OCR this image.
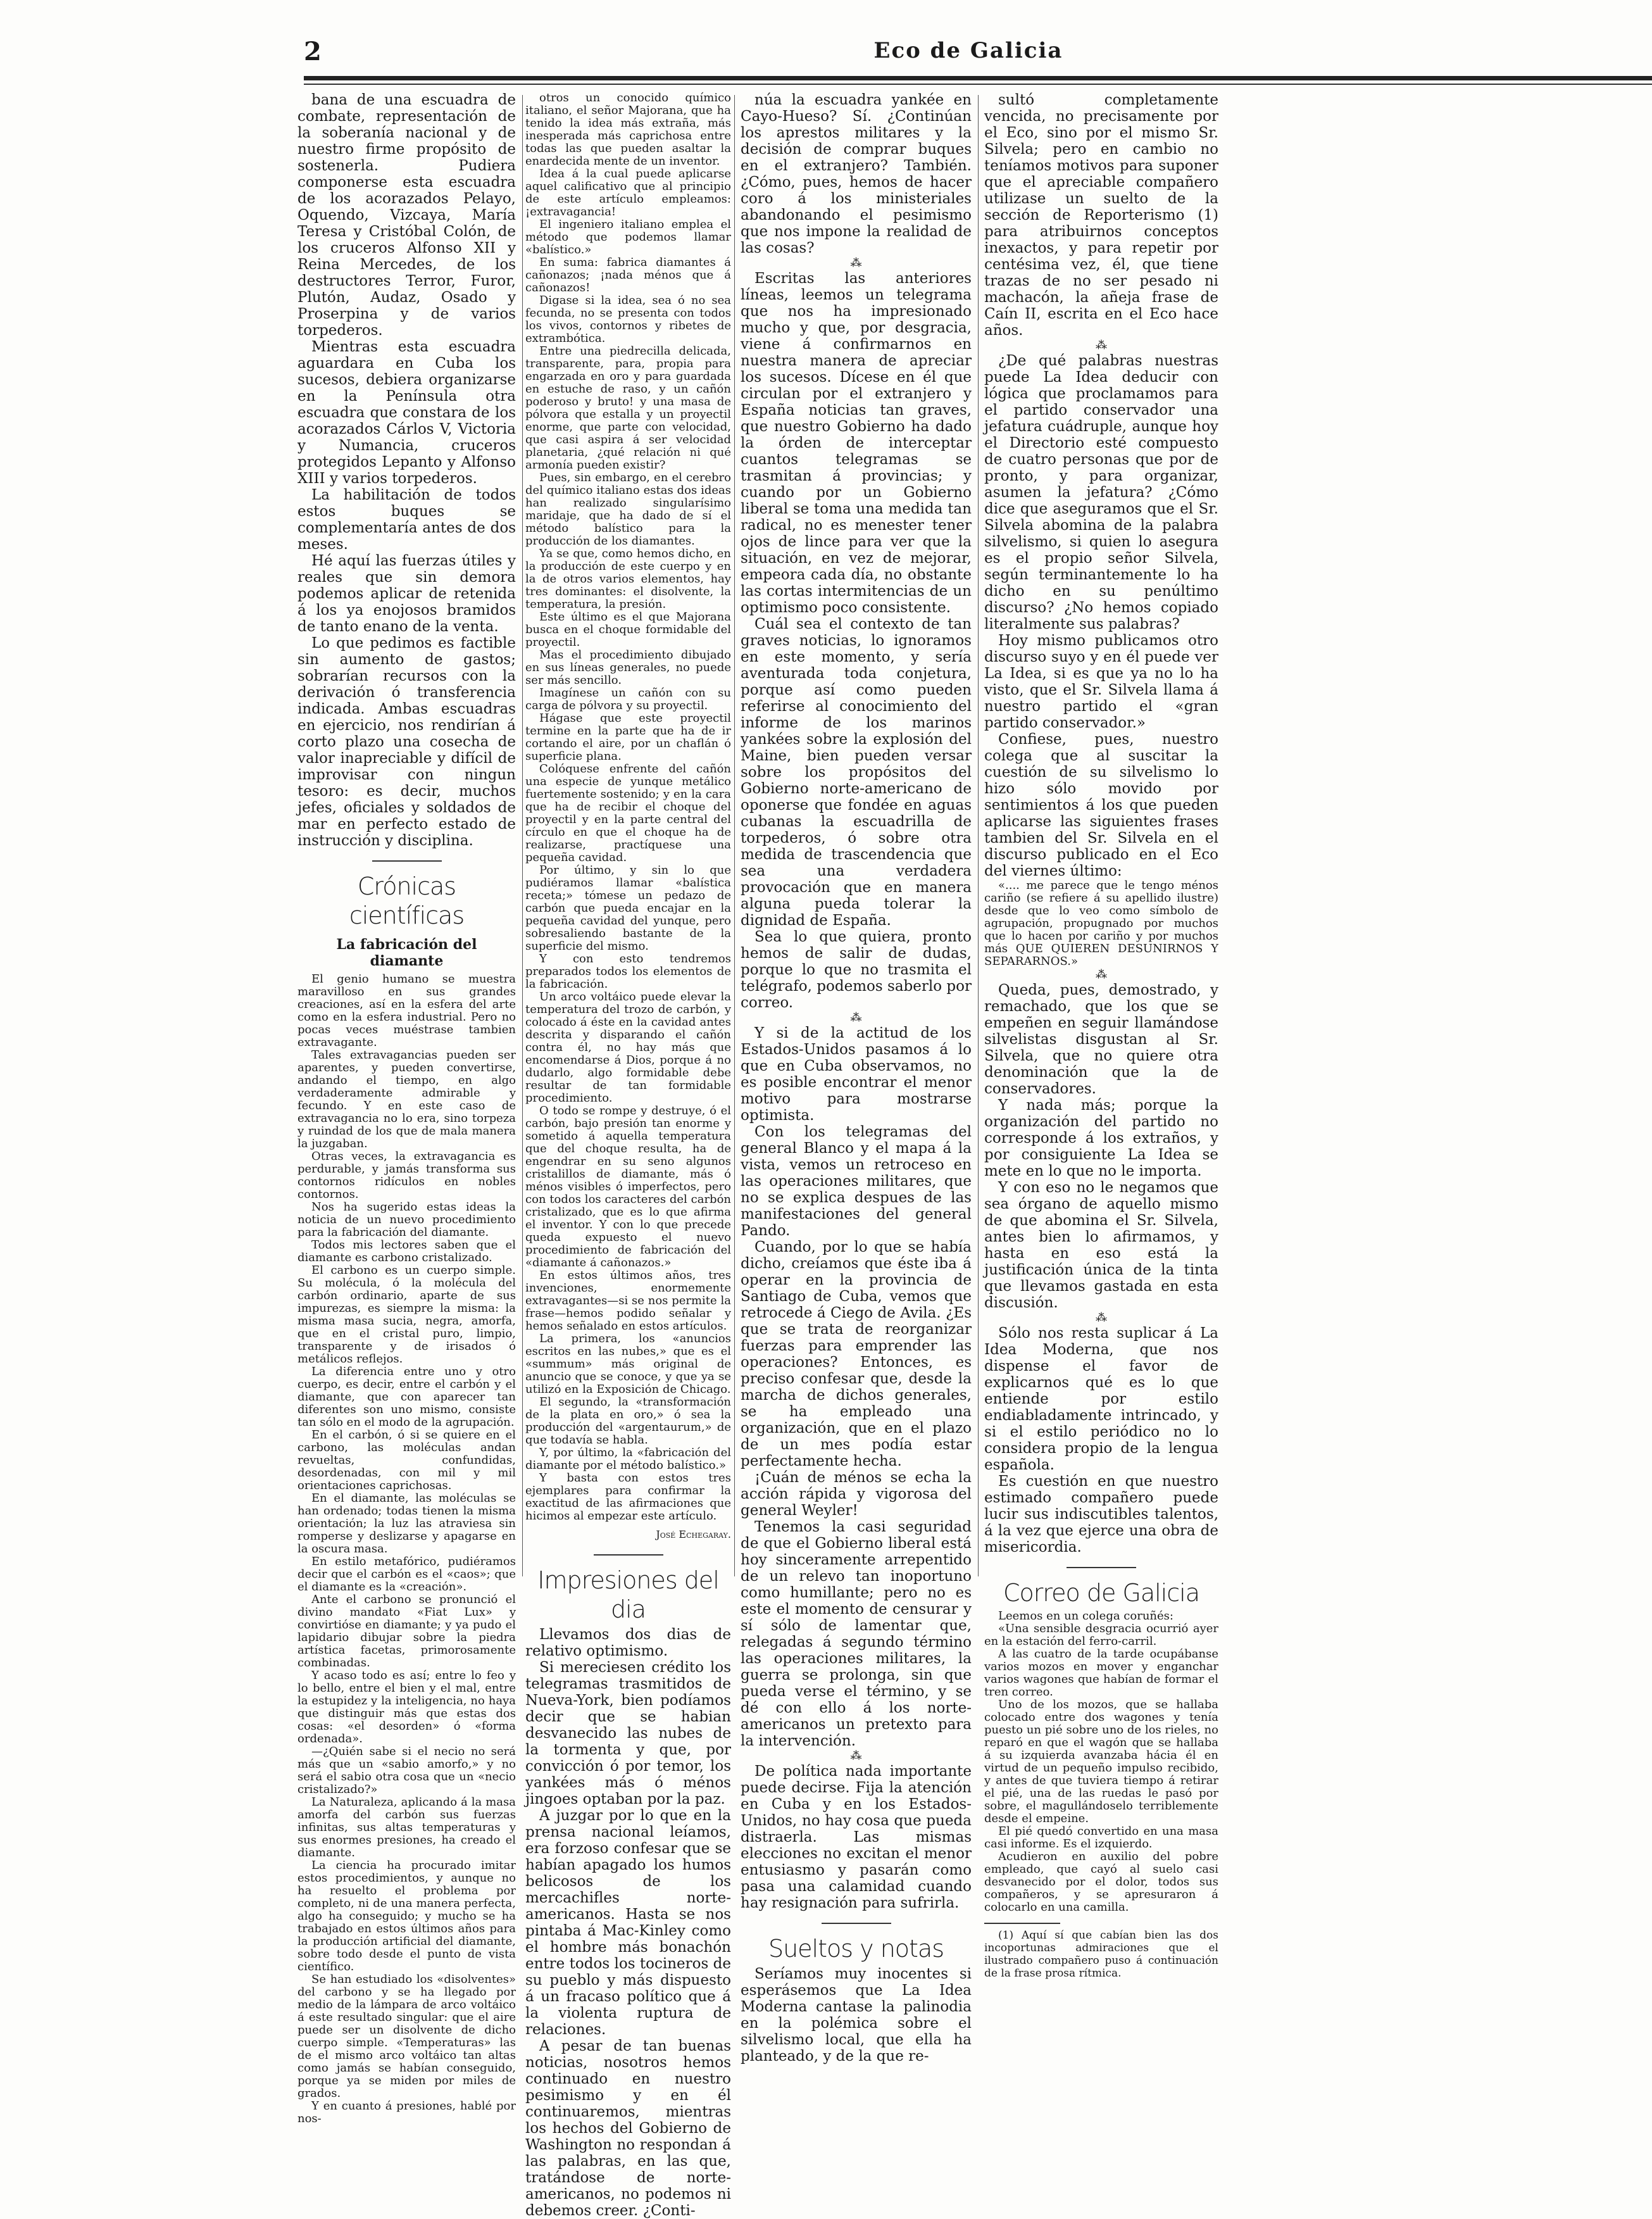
2	Eco de Galicia

bana de una escuadra de combate, representación de la soberanía nacional y de nuestro firme propósito de sostenerla. Pudiera componerse esta escuadra de los acorazados Pelayo, Oquendo, Vizcaya, María Teresa y Cristóbal Colón, de los cruceros Alfonso XII y Reina Mercedes, de los destructores Terror, Furor, Plutón, Audaz, Osado y Proserpina y de varios torpederos.

Mientras esta escuadra aguardara en Cuba los sucesos, debiera organizarse en la Península otra escuadra que constara de los acorazados Cárlos V, Victoria y Numancia, cruceros protegidos Lepanto y Alfonso XIII y varios torpederos.

La habilitación de todos estos buques se complementaría antes de dos meses.

Hé aquí las fuerzas útiles y reales que sin demora podemos aplicar de retenida á los ya enojosos bramidos de tanto enano de la venta.

Lo que pedimos es factible sin aumento de gastos; sobrarían recursos con la derivación ó transferencia indicada. Ambas escuadras en ejercicio, nos rendirían á corto plazo una cosecha de valor inapreciable y difícil de improvisar con ningun tesoro: es decir, muchos jefes, oficiales y soldados de mar en perfecto estado de instrucción y disciplina.

Crónicas científicas
La fabricación del diamante

El genio humano se muestra maravilloso en sus grandes creaciones, así en la esfera del arte como en la esfera industrial. Pero no pocas veces muéstrase tambien extravagante.

Tales extravagancias pueden ser aparentes, y pueden convertirse, andando el tiempo, en algo verdaderamente admirable y fecundo. Y en este caso de extravagancia no lo era, sino torpeza y ruindad de los que de mala manera la juzgaban.

Otras veces, la extravagancia es perdurable, y jamás transforma sus contornos ridículos en nobles contornos.

Nos ha sugerido estas ideas la noticia de un nuevo procedimiento para la fabricación del diamante.

Todos mis lectores saben que el diamante es carbono cristalizado.

El carbono es un cuerpo simple. Su molécula, ó la molécula del carbón ordinario, aparte de sus impurezas, es siempre la misma: la misma masa sucia, negra, amorfa, que en el cristal puro, limpio, transparente y de irisados ó metálicos reflejos.

La diferencia entre uno y otro cuerpo, es decir, entre el carbón y el diamante, que con aparecer tan diferentes son uno mismo, consiste tan sólo en el modo de la agrupación.

En el carbón, ó si se quiere en el carbono, las moléculas andan revueltas, confundidas, desordenadas, con mil y mil orientaciones caprichosas.

En el diamante, las moléculas se han ordenado; todas tienen la misma orientación; la luz las atraviesa sin romperse y deslizarse y apagarse en la oscura masa.

En estilo metafórico, pudiéramos decir que el carbón es el «caos»; que el diamante es la «creación».

Ante el carbono se pronunció el divino mandato «Fiat Lux» y convirtióse en diamante; y ya pudo el lapidario dibujar sobre la piedra artística facetas, primorosamente combinadas.

Y acaso todo es así; entre lo feo y lo bello, entre el bien y el mal, entre la estupidez y la inteligencia, no haya que distinguir más que estas dos cosas: «el desorden» ó «forma ordenada».

—¿Quién sabe si el necio no será más que un «sabio amorfo,» y no será el sabio otra cosa que un «necio cristalizado?»

La Naturaleza, aplicando á la masa amorfa del carbón sus fuerzas infinitas, sus altas temperaturas y sus enormes presiones, ha creado el diamante.

La ciencia ha procurado imitar estos procedimientos, y aunque no ha resuelto el problema por completo, ni de una manera perfecta, algo ha conseguido; y mucho se ha trabajado en estos últimos años para la producción artificial del diamante, sobre todo desde el punto de vista científico.

Se han estudiado los «disolventes» del carbono y se ha llegado por medio de la lámpara de arco voltáico á este resultado singular: que el aire puede ser un disolvente de dicho cuerpo simple. «Temperaturas» las de el mismo arco voltáico tan altas como jamás se habían conseguido, porque ya se miden por miles de grados.

Y en cuanto á presiones, hablé por nos-

otros un conocido químico italiano, el señor Majorana, que ha tenido la idea más extraña, más inesperada más caprichosa entre todas las que pueden asaltar la enardecida mente de un inventor.

Idea á la cual puede aplicarse aquel calificativo que al principio de este artículo empleamos: ¡extravagancia!

El ingeniero italiano emplea el método que podemos llamar «balístico.»

En suma: fabrica diamantes á cañonazos; ¡nada ménos que á cañonazos!

Digase si la idea, sea ó no sea fecunda, no se presenta con todos los vivos, contornos y ribetes de extrambótica.

Entre una piedrecilla delicada, transparente, para, propia para engarzada en oro y para guardada en estuche de raso, y un cañón poderoso y bruto! y una masa de pólvora que estalla y un proyectil enorme, que parte con velocidad, que casi aspira á ser velocidad planetaria, ¿qué relación ni qué armonía pueden existir?

Pues, sin embargo, en el cerebro del químico italiano estas dos ideas han realizado singularísimo maridaje, que ha dado de sí el método balístico para la producción de los diamantes.

Ya se que, como hemos dicho, en la producción de este cuerpo y en la de otros varios elementos, hay tres dominantes: el disolvente, la temperatura, la presión.

Este último es el que Majorana busca en el choque formidable del proyectil.

Mas el procedimiento dibujado en sus líneas generales, no puede ser más sencillo.

Imagínese un cañón con su carga de pólvora y su proyectil.

Hágase que este proyectil termine en la parte que ha de ir cortando el aire, por un chaflán ó superficie plana.

Colóquese enfrente del cañón una especie de yunque metálico fuertemente sostenido; y en la cara que ha de recibir el choque del proyectil y en la parte central del círculo en que el choque ha de realizarse, practíquese una pequeña cavidad.

Por último, y sin lo que pudiéramos llamar «balística receta;» tómese un pedazo de carbón que pueda encajar en la pequeña cavidad del yunque, pero sobresaliendo bastante de la superficie del mismo.

Y con esto tendremos preparados todos los elementos de la fabricación.

Un arco voltáico puede elevar la temperatura del trozo de carbón, y colocado á éste en la cavidad antes descrita y disparando el cañón contra él, no hay más que encomendarse á Dios, porque á no dudarlo, algo formidable debe resultar de tan formidable procedimiento.

O todo se rompe y destruye, ó el carbón, bajo presión tan enorme y sometido á aquella temperatura que del choque resulta, ha de engendrar en su seno algunos cristalillos de diamante, más ó ménos visibles ó imperfectos, pero con todos los caracteres del carbón cristalizado, que es lo que afirma el inventor. Y con lo que precede queda expuesto el nuevo procedimiento de fabricación del «diamante á cañonazos.»

En estos últimos años, tres invenciones, enormemente extravagantes—si se nos permite la frase—hemos podido señalar y hemos señalado en estos artículos.

La primera, los «anuncios escritos en las nubes,» que es el «summum» más original de anuncio que se conoce, y que ya se utilizó en la Exposición de Chicago.

El segundo, la «transformación de la plata en oro,» ó sea la producción del «argentaurum,» de que todavía se habla.

Y, por último, la «fabricación del diamante por el método balístico.»

Y basta con estos tres ejemplares para confirmar la exactitud de las afirmaciones que hicimos al empezar este artículo.

José Echegaray.
Impresiones del dia

Llevamos dos dias de relativo optimismo.

Si mereciesen crédito los telegramas trasmitidos de Nueva-York, bien podíamos decir que se habian desvanecido las nubes de la tormenta y que, por convicción ó por temor, los yankées más ó ménos jingoes optaban por la paz.

A juzgar por lo que en la prensa nacional leíamos, era forzoso confesar que se habían apagado los humos belicosos de los mercachifles norte-americanos. Hasta se nos pintaba á Mac-Kinley como el hombre más bonachón entre todos los tocineros de su pueblo y más dispuesto á un fracaso político que á la violenta ruptura de relaciones.

A pesar de tan buenas noticias, nosotros hemos continuado en nuestro pesimismo y en él continuaremos, mientras los hechos del Gobierno de Washington no respondan á las palabras, en las que, tratándose de norte-americanos, no podemos ni debemos creer. ¿Conti-

núa la escuadra yankée en Cayo-Hueso? Sí. ¿Continúan los aprestos militares y la decisión de comprar buques en el extranjero? También. ¿Cómo, pues, hemos de hacer coro á los ministeriales abandonando el pesimismo que nos impone la realidad de las cosas?

⁂

Escritas las anteriores líneas, leemos un telegrama que nos ha impresionado mucho y que, por desgracia, viene á confirmarnos en nuestra manera de apreciar los sucesos. Dícese en él que circulan por el extranjero y España noticias tan graves, que nuestro Gobierno ha dado la órden de interceptar cuantos telegramas se trasmitan á provincias; y cuando por un Gobierno liberal se toma una medida tan radical, no es menester tener ojos de lince para ver que la situación, en vez de mejorar, empeora cada día, no obstante las cortas intermitencias de un optimismo poco consistente.

Cuál sea el contexto de tan graves noticias, lo ignoramos en este momento, y sería aventurada toda conjetura, porque así como pueden referirse al conocimiento del informe de los marinos yankées sobre la explosión del Maine, bien pueden versar sobre los propósitos del Gobierno norte-americano de oponerse que fondée en aguas cubanas la escuadrilla de torpederos, ó sobre otra medida de trascendencia que sea una verdadera provocación que en manera alguna pueda tolerar la dignidad de España.

Sea lo que quiera, pronto hemos de salir de dudas, porque lo que no trasmita el telégrafo, podemos saberlo por correo.

⁂

Y si de la actitud de los Estados-Unidos pasamos á lo que en Cuba observamos, no es posible encontrar el menor motivo para mostrarse optimista.

Con los telegramas del general Blanco y el mapa á la vista, vemos un retroceso en las operaciones militares, que no se explica despues de las manifestaciones del general Pando.

Cuando, por lo que se había dicho, creíamos que éste iba á operar en la provincia de Santiago de Cuba, vemos que retrocede á Ciego de Avila. ¿Es que se trata de reorganizar fuerzas para emprender las operaciones? Entonces, es preciso confesar que, desde la marcha de dichos generales, se ha empleado una organización, que en el plazo de un mes podía estar perfectamente hecha.

¡Cuán de ménos se echa la acción rápida y vigorosa del general Weyler!

Tenemos la casi seguridad de que el Gobierno liberal está hoy sinceramente arrepentido de un relevo tan inoportuno como humillante; pero no es este el momento de censurar y sí sólo de lamentar que, relegadas á segundo término las operaciones militares, la guerra se prolonga, sin que pueda verse el término, y se dé con ello á los norte-americanos un pretexto para la intervención.

⁂

De política nada importante puede decirse. Fija la atención en Cuba y en los Estados-Unidos, no hay cosa que pueda distraerla. Las mismas elecciones no excitan el menor entusiasmo y pasarán como pasa una calamidad cuando hay resignación para sufrirla.

Sueltos y notas

Seríamos muy inocentes si esperásemos que La Idea Moderna cantase la palinodia en la polémica sobre el silvelismo local, que ella ha planteado, y de la que re-

sultó completamente vencida, no precisamente por el Eco, sino por el mismo Sr. Silvela; pero en cambio no teníamos motivos para suponer que el apreciable compañero utilizase un suelto de la sección de Reporterismo (1) para atribuirnos conceptos inexactos, y para repetir por centésima vez, él, que tiene trazas de no ser pesado ni machacón, la añeja frase de Caín II, escrita en el Eco hace años.

⁂

¿De qué palabras nuestras puede La Idea deducir con lógica que proclamamos para el partido conservador una jefatura cuádruple, aunque hoy el Directorio esté compuesto de cuatro personas que por de pronto, y para organizar, asumen la jefatura? ¿Cómo dice que aseguramos que el Sr. Silvela abomina de la palabra silvelismo, si quien lo asegura es el propio señor Silvela, según terminantemente lo ha dicho en su penúltimo discurso? ¿No hemos copiado literalmente sus palabras?

Hoy mismo publicamos otro discurso suyo y en él puede ver La Idea, si es que ya no lo ha visto, que el Sr. Silvela llama á nuestro partido el «gran partido conservador.»

Confiese, pues, nuestro colega que al suscitar la cuestión de su silvelismo lo hizo sólo movido por sentimientos á los que pueden aplicarse las siguientes frases tambien del Sr. Silvela en el discurso publicado en el Eco del viernes último:

«.... me parece que le tengo ménos cariño (se refiere á su apellido ilustre) desde que lo veo como símbolo de agrupación, propugnado por muchos que lo hacen por cariño y por muchos más QUE QUIEREN DESUNIRNOS Y SEPARARNOS.»

⁂

Queda, pues, demostrado, y remachado, que los que se empeñen en seguir llamándose silvelistas disgustan al Sr. Silvela, que no quiere otra denominación que la de conservadores.

Y nada más; porque la organización del partido no corresponde á los extraños, y por consiguiente La Idea se mete en lo que no le importa.

Y con eso no le negamos que sea órgano de aquello mismo de que abomina el Sr. Silvela, antes bien lo afirmamos, y hasta en eso está la justificación única de la tinta que llevamos gastada en esta discusión.

⁂

Sólo nos resta suplicar á La Idea Moderna, que nos dispense el favor de explicarnos qué es lo que entiende por estilo endiabladamente intrincado, y si el estilo periódico no lo considera propio de la lengua española.

Es cuestión en que nuestro estimado compañero puede lucir sus indiscutibles talentos, á la vez que ejerce una obra de misericordia.

Correo de Galicia

Leemos en un colega coruñés:

«Una sensible desgracia ocurrió ayer en la estación del ferro-carril.

A las cuatro de la tarde ocupábanse varios mozos en mover y enganchar varios wagones que habían de formar el tren correo.

Uno de los mozos, que se hallaba colocado entre dos wagones y tenía puesto un pié sobre uno de los rieles, no reparó en que el wagón que se hallaba á su izquierda avanzaba hácia él en virtud de un pequeño impulso recibido, y antes de que tuviera tiempo á retirar el pié, una de las ruedas le pasó por sobre, el magullándoselo terriblemente desde el empeine.

El pié quedó convertido en una masa casi informe. Es el izquierdo.

Acudieron en auxilio del pobre empleado, que cayó al suelo casi desvanecido por el dolor, todos sus compañeros, y se apresuraron á colocarlo en una camilla.

(1) Aquí sí que cabían bien las dos incoportunas admiraciones que el ilustrado compañero puso á continuación de la frase prosa rítmica.
